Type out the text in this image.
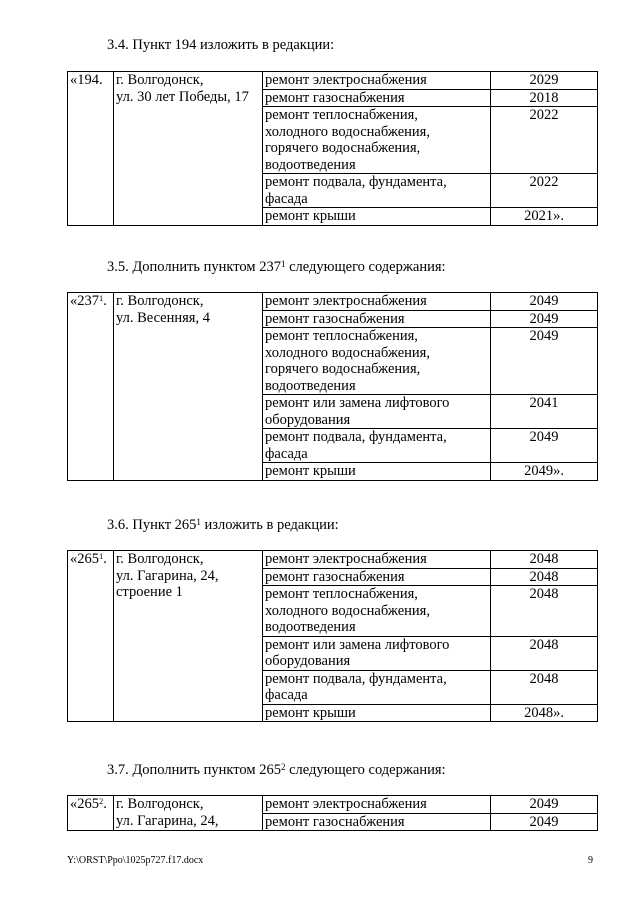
3.4. Пункт 194 изложить в редакции:
«194.	г. Волгодонск,
ул. 30 лет Победы, 17	ремонт электроснабжения	2029

		ремонт газоснабжения	2018

		ремонт теплоснабжения,
холодного водоснабжения,
горячего водоснабжения,
водоотведения	2022

		ремонт подвала, фундамента,
фасада	2022

		ремонт крыши	2021».
3.5. Дополнить пунктом $237^1$ следующего содержания:
«$237^1$.	г. Волгодонск,
ул. Весенняя, 4	ремонт электроснабжения	2049

		ремонт газоснабжения	2049

		ремонт теплоснабжения,
холодного водоснабжения,
горячего водоснабжения,
водоотведения	2049

		ремонт или замена лифтового
оборудования	2041

		ремонт подвала, фундамента,
фасада	2049

		ремонт крыши	2049».
3.6. Пункт $265^1$ изложить в редакции:
«$265^1$.	г. Волгодонск,
ул. Гагарина, 24,
строение 1	ремонт электроснабжения	2048

		ремонт газоснабжения	2048

		ремонт теплоснабжения,
холодного водоснабжения,
водоотведения	2048

		ремонт или замена лифтового
оборудования	2048

		ремонт подвала, фундамента,
фасада	2048

		ремонт крыши	2048».
3.7. Дополнить пунктом $265^2$ следующего содержания:
«$265^2$.	г. Волгодонск,
ул. Гагарина, 24,	ремонт электроснабжения	2049

		ремонт газоснабжения	2049
Y:\ORST\Ppo\1025p727.f17.docx	9
